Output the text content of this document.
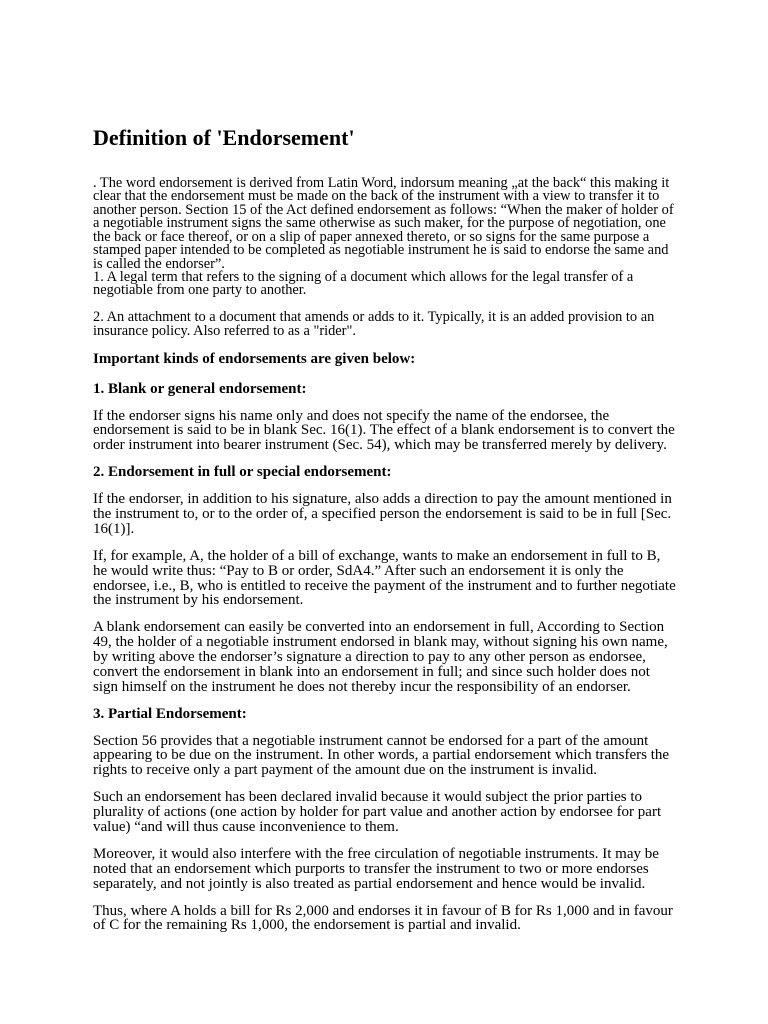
Definition of 'Endorsement'
. The word endorsement is derived from Latin Word, indorsum meaning „at the back“ this making it
clear that the endorsement must be made on the back of the instrument with a view to transfer it to
another person. Section 15 of the Act defined endorsement as follows: “When the maker of holder of
a negotiable instrument signs the same otherwise as such maker, for the purpose of negotiation, one
the back or face thereof, or on a slip of paper annexed thereto, or so signs for the same purpose a
stamped paper intended to be completed as negotiable instrument he is said to endorse the same and
is called the endorser”.
1. A legal term that refers to the signing of a document which allows for the legal transfer of a
negotiable from one party to another.
2. An attachment to a document that amends or adds to it. Typically, it is an added provision to an
insurance policy. Also referred to as a "rider".
Important kinds of endorsements are given below:
1. Blank or general endorsement:
If the endorser signs his name only and does not specify the name of the endorsee, the
endorsement is said to be in blank Sec. 16(1). The effect of a blank endorsement is to convert the
order instrument into bearer instrument (Sec. 54), which may be transferred merely by delivery.
2. Endorsement in full or special endorsement:
If the endorser, in addition to his signature, also adds a direction to pay the amount mentioned in
the instrument to, or to the order of, a specified person the endorsement is said to be in full [Sec.
16(1)].
If, for example, A, the holder of a bill of exchange, wants to make an endorsement in full to B,
he would write thus: “Pay to B or order, SdA4.” After such an endorsement it is only the
endorsee, i.e., B, who is entitled to receive the payment of the instrument and to further negotiate
the instrument by his endorsement.
A blank endorsement can easily be converted into an endorsement in full, According to Section
49, the holder of a negotiable instrument endorsed in blank may, without signing his own name,
by writing above the endorser’s signature a direction to pay to any other person as endorsee,
convert the endorsement in blank into an endorsement in full; and since such holder does not
sign himself on the instrument he does not thereby incur the responsibility of an endorser.
3. Partial Endorsement:
Section 56 provides that a negotiable instrument cannot be endorsed for a part of the amount
appearing to be due on the instrument. In other words, a partial endorsement which transfers the
rights to receive only a part payment of the amount due on the instrument is invalid.
Such an endorsement has been declared invalid because it would subject the prior parties to
plurality of actions (one action by holder for part value and another action by endorsee for part
value) “and will thus cause inconvenience to them.
Moreover, it would also interfere with the free circulation of negotiable instruments. It may be
noted that an endorsement which purports to transfer the instrument to two or more endorses
separately, and not jointly is also treated as partial endorsement and hence would be invalid.
Thus, where A holds a bill for Rs 2,000 and endorses it in favour of B for Rs 1,000 and in favour
of C for the remaining Rs 1,000, the endorsement is partial and invalid.
